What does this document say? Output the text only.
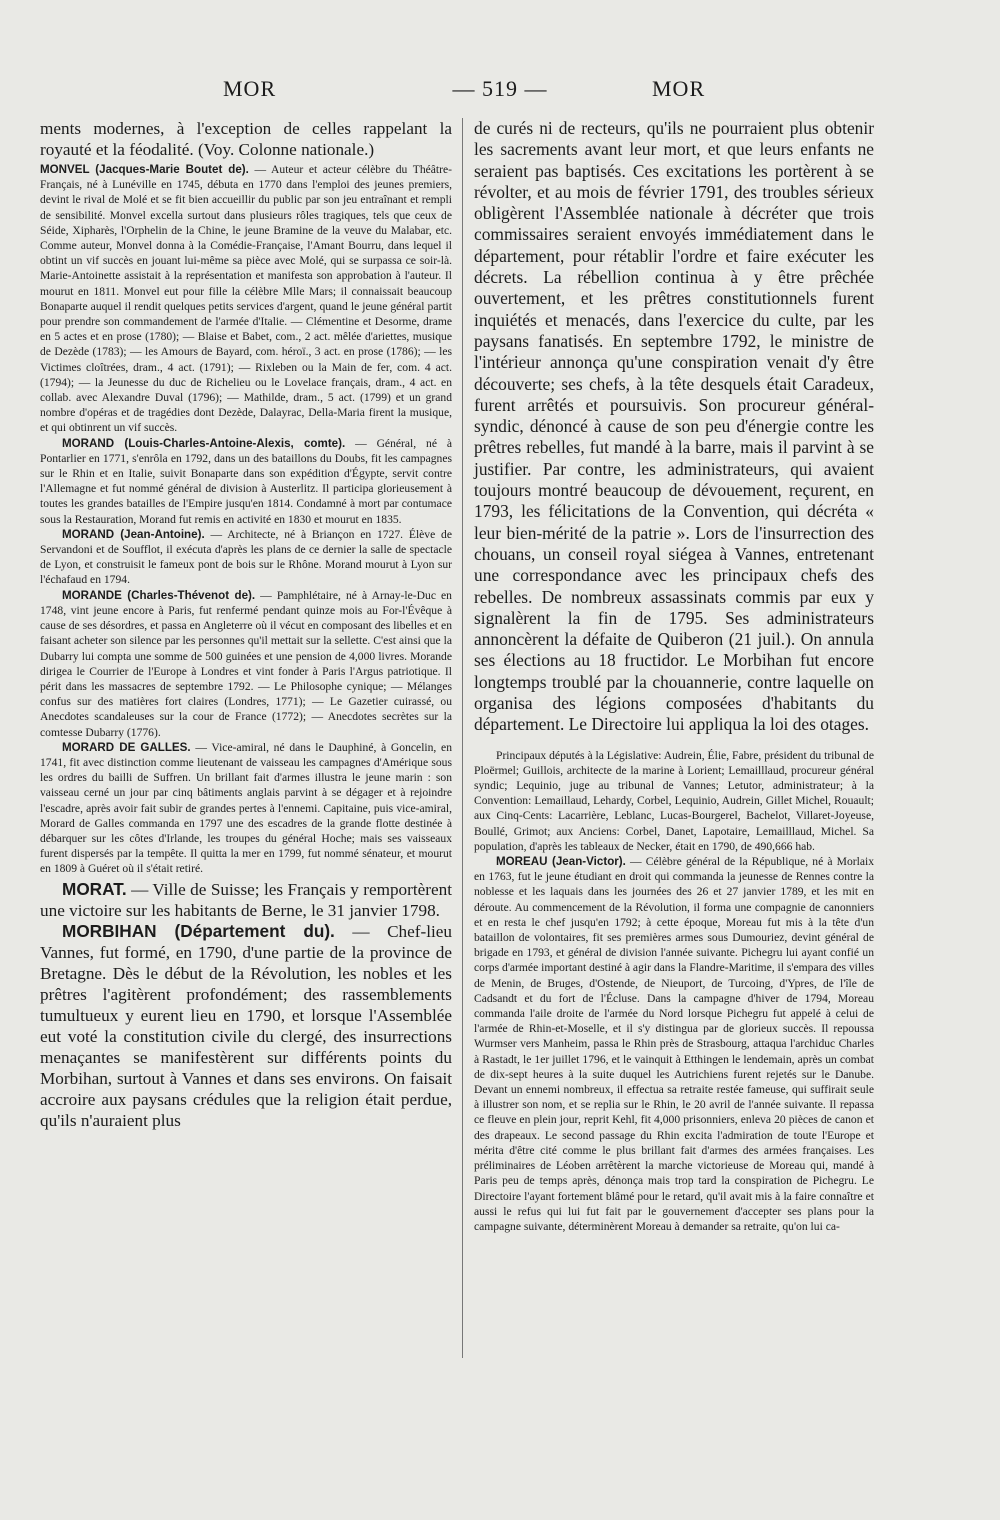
MOR	— 519 —	MOR

ments modernes, à l'exception de celles rappelant la royauté et la féodalité. (Voy. Colonne nationale.)

MONVEL (Jacques-Marie Boutet de). — Auteur et acteur célèbre du Théâtre-Français, né à Lunéville en 1745, débuta en 1770 dans l'emploi des jeunes premiers, devint le rival de Molé et se fit bien accueillir du public par son jeu entraînant et rempli de sensibilité. Monvel excella surtout dans plusieurs rôles tragiques, tels que ceux de Séide, Xipharès, l'Orphelin de la Chine, le jeune Bramine de la veuve du Malabar, etc. Comme auteur, Monvel donna à la Comédie-Française, l'Amant Bourru, dans lequel il obtint un vif succès en jouant lui-même sa pièce avec Molé, qui se surpassa ce soir-là. Marie-Antoinette assistait à la représentation et manifesta son approbation à l'auteur. Il mourut en 1811. Monvel eut pour fille la célèbre Mlle Mars; il connaissait beaucoup Bonaparte auquel il rendit quelques petits services d'argent, quand le jeune général partit pour prendre son commandement de l'armée d'Italie. — Clémentine et Desorme, drame en 5 actes et en prose (1780); — Blaise et Babet, com., 2 act. mêlée d'ariettes, musique de Dezède (1783); — les Amours de Bayard, com. héroï., 3 act. en prose (1786); — les Victimes cloîtrées, dram., 4 act. (1791); — Rixleben ou la Main de fer, com. 4 act. (1794); — la Jeunesse du duc de Richelieu ou le Lovelace français, dram., 4 act. en collab. avec Alexandre Duval (1796); — Mathilde, dram., 5 act. (1799) et un grand nombre d'opéras et de tragédies dont Dezède, Dalayrac, Della-Maria firent la musique, et qui obtinrent un vif succès.

MORAND (Louis-Charles-Antoine-Alexis, comte). — Général, né à Pontarlier en 1771, s'enrôla en 1792, dans un des bataillons du Doubs, fit les campagnes sur le Rhin et en Italie, suivit Bonaparte dans son expédition d'Égypte, servit contre l'Allemagne et fut nommé général de division à Austerlitz. Il participa glorieusement à toutes les grandes batailles de l'Empire jusqu'en 1814. Condamné à mort par contumace sous la Restauration, Morand fut remis en activité en 1830 et mourut en 1835.

MORAND (Jean-Antoine). — Architecte, né à Briançon en 1727. Élève de Servandoni et de Soufflot, il exécuta d'après les plans de ce dernier la salle de spectacle de Lyon, et construisit le fameux pont de bois sur le Rhône. Morand mourut à Lyon sur l'échafaud en 1794.

MORANDE (Charles-Thévenot de). — Pamphlétaire, né à Arnay-le-Duc en 1748, vint jeune encore à Paris, fut renfermé pendant quinze mois au For-l'Évêque à cause de ses désordres, et passa en Angleterre où il vécut en composant des libelles et en faisant acheter son silence par les personnes qu'il mettait sur la sellette. C'est ainsi que la Dubarry lui compta une somme de 500 guinées et une pension de 4,000 livres. Morande dirigea le Courrier de l'Europe à Londres et vint fonder à Paris l'Argus patriotique. Il périt dans les massacres de septembre 1792. — Le Philosophe cynique; — Mélanges confus sur des matières fort claires (Londres, 1771); — Le Gazetier cuirassé, ou Anecdotes scandaleuses sur la cour de France (1772); — Anecdotes secrètes sur la comtesse Dubarry (1776).

MORARD DE GALLES. — Vice-amiral, né dans le Dauphiné, à Goncelin, en 1741, fit avec distinction comme lieutenant de vaisseau les campagnes d'Amérique sous les ordres du bailli de Suffren. Un brillant fait d'armes illustra le jeune marin : son vaisseau cerné un jour par cinq bâtiments anglais parvint à se dégager et à rejoindre l'escadre, après avoir fait subir de grandes pertes à l'ennemi. Capitaine, puis vice-amiral, Morard de Galles commanda en 1797 une des escadres de la grande flotte destinée à débarquer sur les côtes d'Irlande, les troupes du général Hoche; mais ses vaisseaux furent dispersés par la tempête. Il quitta la mer en 1799, fut nommé sénateur, et mourut en 1809 à Guéret où il s'était retiré.

MORAT. — Ville de Suisse; les Français y remportèrent une victoire sur les habitants de Berne, le 31 janvier 1798.

MORBIHAN (Département du). — Chef-lieu Vannes, fut formé, en 1790, d'une partie de la province de Bretagne. Dès le début de la Révolution, les nobles et les prêtres l'agitèrent profondément; des rassemblements tumultueux y eurent lieu en 1790, et lorsque l'Assemblée eut voté la constitution civile du clergé, des insurrections menaçantes se manifestèrent sur différents points du Morbihan, surtout à Vannes et dans ses environs. On faisait accroire aux paysans crédules que la religion était perdue, qu'ils n'auraient plus

de curés ni de recteurs, qu'ils ne pourraient plus obtenir les sacrements avant leur mort, et que leurs enfants ne seraient pas baptisés. Ces excitations les portèrent à se révolter, et au mois de février 1791, des troubles sérieux obligèrent l'Assemblée nationale à décréter que trois commissaires seraient envoyés immédiatement dans le département, pour rétablir l'ordre et faire exécuter les décrets. La rébellion continua à y être prêchée ouvertement, et les prêtres constitutionnels furent inquiétés et menacés, dans l'exercice du culte, par les paysans fanatisés. En septembre 1792, le ministre de l'intérieur annonça qu'une conspiration venait d'y être découverte; ses chefs, à la tête desquels était Caradeux, furent arrêtés et poursuivis. Son procureur général-syndic, dénoncé à cause de son peu d'énergie contre les prêtres rebelles, fut mandé à la barre, mais il parvint à se justifier. Par contre, les administrateurs, qui avaient toujours montré beaucoup de dévouement, reçurent, en 1793, les félicitations de la Convention, qui décréta « leur bien-mérité de la patrie ». Lors de l'insurrection des chouans, un conseil royal siégea à Vannes, entretenant une correspondance avec les principaux chefs des rebelles. De nombreux assassinats commis par eux y signalèrent la fin de 1795. Ses administrateurs annoncèrent la défaite de Quiberon (21 juil.). On annula ses élections au 18 fructidor. Le Morbihan fut encore longtemps troublé par la chouannerie, contre laquelle on organisa des légions composées d'habitants du département. Le Directoire lui appliqua la loi des otages.

Principaux députés à la Législative: Audrein, Élie, Fabre, président du tribunal de Ploërmel; Guillois, architecte de la marine à Lorient; Lemailllaud, procureur général syndic; Lequinio, juge au tribunal de Vannes; Letutor, administrateur; à la Convention: Lemaillaud, Lehardy, Corbel, Lequinio, Audrein, Gillet Michel, Rouault; aux Cinq-Cents: Lacarrière, Leblanc, Lucas-Bourgerel, Bachelot, Villaret-Joyeuse, Boullé, Grimot; aux Anciens: Corbel, Danet, Lapotaire, Lemailllaud, Michel. Sa population, d'après les tableaux de Necker, était en 1790, de 490,666 hab.

MOREAU (Jean-Victor). — Célèbre général de la République, né à Morlaix en 1763, fut le jeune étudiant en droit qui commanda la jeunesse de Rennes contre la noblesse et les laquais dans les journées des 26 et 27 janvier 1789, et les mit en déroute. Au commencement de la Révolution, il forma une compagnie de canonniers et en resta le chef jusqu'en 1792; à cette époque, Moreau fut mis à la tête d'un bataillon de volontaires, fit ses premières armes sous Dumouriez, devint général de brigade en 1793, et général de division l'année suivante. Pichegru lui ayant confié un corps d'armée important destiné à agir dans la Flandre-Maritime, il s'empara des villes de Menin, de Bruges, d'Ostende, de Nieuport, de Turcoing, d'Ypres, de l'île de Cadsandt et du fort de l'Écluse. Dans la campagne d'hiver de 1794, Moreau commanda l'aile droite de l'armée du Nord lorsque Pichegru fut appelé à celui de l'armée de Rhin-et-Moselle, et il s'y distingua par de glorieux succès. Il repoussa Wurmser vers Manheim, passa le Rhin près de Strasbourg, attaqua l'archiduc Charles à Rastadt, le 1er juillet 1796, et le vainquit à Etthingen le lendemain, après un combat de dix-sept heures à la suite duquel les Autrichiens furent rejetés sur le Danube. Devant un ennemi nombreux, il effectua sa retraite restée fameuse, qui suffirait seule à illustrer son nom, et se replia sur le Rhin, le 20 avril de l'année suivante. Il repassa ce fleuve en plein jour, reprit Kehl, fit 4,000 prisonniers, enleva 20 pièces de canon et des drapeaux. Le second passage du Rhin excita l'admiration de toute l'Europe et mérita d'être cité comme le plus brillant fait d'armes des armées françaises. Les préliminaires de Léoben arrêtèrent la marche victorieuse de Moreau qui, mandé à Paris peu de temps après, dénonça mais trop tard la conspiration de Pichegru. Le Directoire l'ayant fortement blâmé pour le retard, qu'il avait mis à la faire connaître et aussi le refus qui lui fut fait par le gouvernement d'accepter ses plans pour la campagne suivante, déterminèrent Moreau à demander sa retraite, qu'on lui ca-
